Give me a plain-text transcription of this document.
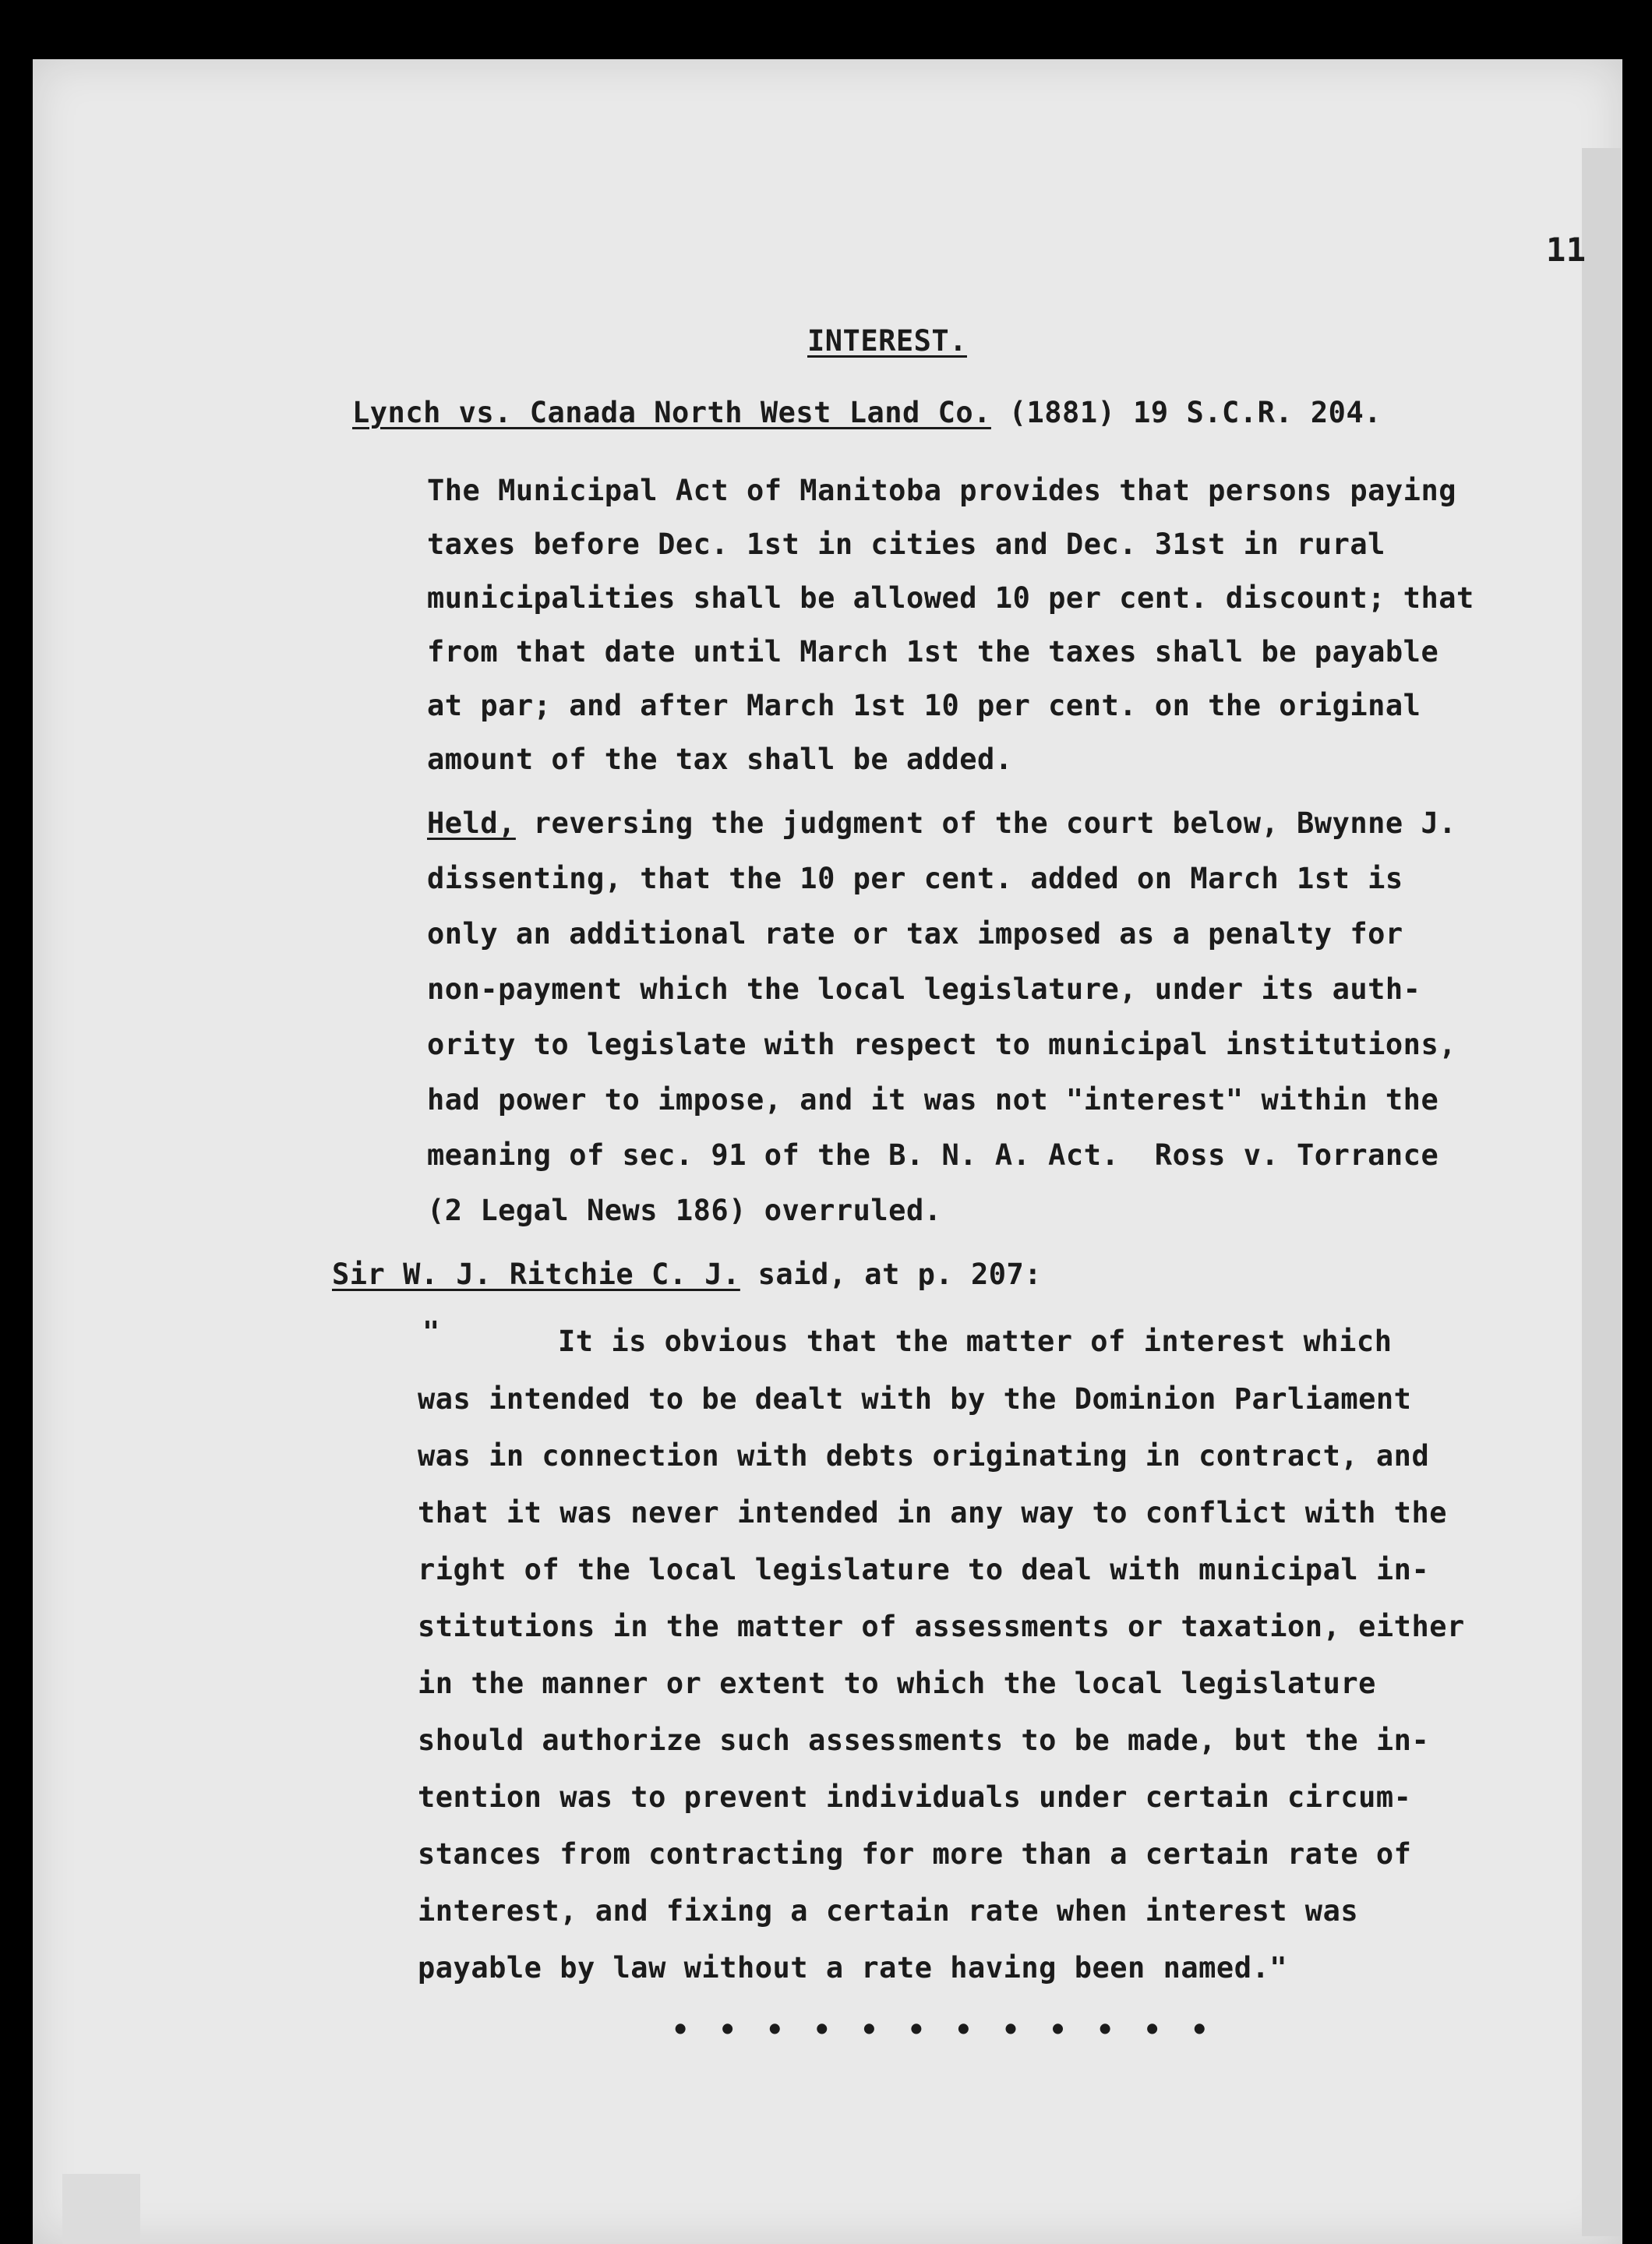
11
INTEREST.
Lynch vs. Canada North West Land Co. (1881) 19 S.C.R. 204.
The Municipal Act of Manitoba provides that persons paying
taxes before Dec. 1st in cities and Dec. 31st in rural
municipalities shall be allowed 10 per cent. discount; that
from that date until March 1st the taxes shall be payable
at par; and after March 1st 10 per cent. on the original
amount of the tax shall be added.
Held, reversing the judgment of the court below, Bwynne J.
dissenting, that the 10 per cent. added on March 1st is
only an additional rate or tax imposed as a penalty for
non-payment which the local legislature, under its auth-
ority to legislate with respect to municipal institutions,
had power to impose, and it was not "interest" within the
meaning of sec. 91 of the B. N. A. Act.  Ross v. Torrance
(2 Legal News 186) overruled.
Sir W. J. Ritchie C. J. said, at p. 207:
"	It is obvious that the matter of interest which
was intended to be dealt with by the Dominion Parliament
was in connection with debts originating in contract, and
that it was never intended in any way to conflict with the
right of the local legislature to deal with municipal in-
stitutions in the matter of assessments or taxation, either
in the manner or extent to which the local legislature
should authorize such assessments to be made, but the in-
tention was to prevent individuals under certain circum-
stances from contracting for more than a certain rate of
interest, and fixing a certain rate when interest was
payable by law without a rate having been named."
• • • • • • • • • • • •
